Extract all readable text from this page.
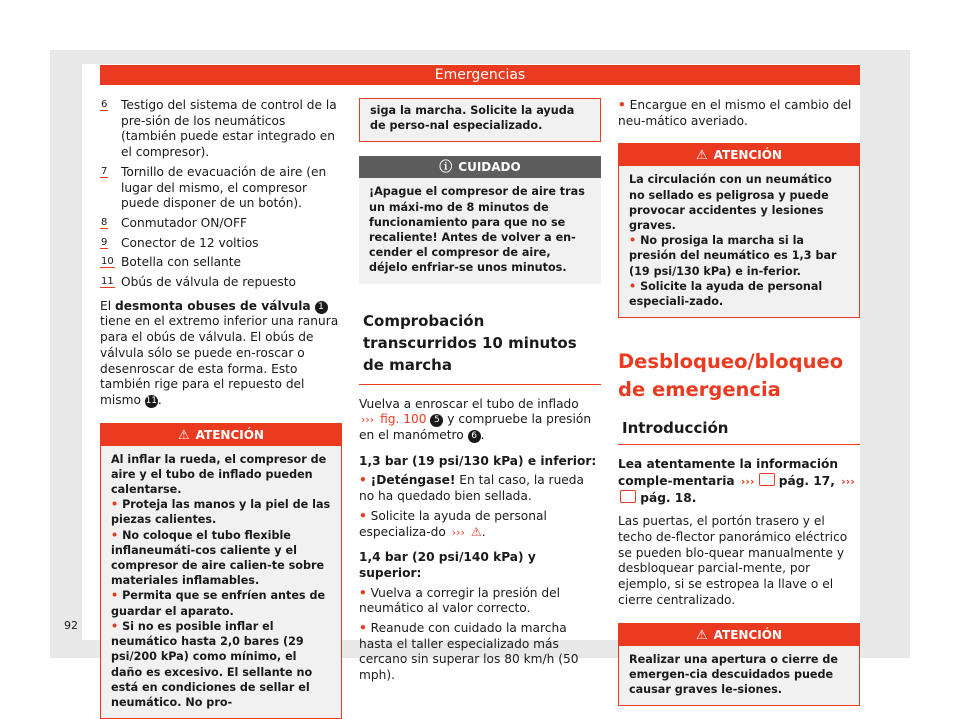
Emergencias
6 Testigo del sistema de control de la pre-sión de los neumáticos (también puede estar integrado en el compresor).
7 Tornillo de evacuación de aire (en lugar del mismo, el compresor puede disponer de un botón).
8 Conmutador ON/OFF
9 Conector de 12 voltios
10 Botella con sellante
11 Obús de válvula de repuesto

El desmonta obuses de válvula 1 tiene en el extremo inferior una ranura para el obús de válvula. El obús de válvula sólo se puede en-roscar o desenroscar de esta forma. Esto también rige para el repuesto del mismo 11.

⚠ ATENCIÓN
Al inflar la rueda, el compresor de aire y el tubo de inflado pueden calentarse.
• Proteja las manos y la piel de las piezas calientes.
• No coloque el tubo flexible inflaneumáti-cos caliente y el compresor de aire calien-te sobre materiales inflamables.
• Permita que se enfríen antes de guardar el aparato.
• Si no es posible inflar el neumático hasta 2,0 bares (29 psi/200 kPa) como mínimo, el daño es excesivo. El sellante no está en condiciones de sellar el neumático. No pro-
siga la marcha. Solicite la ayuda de perso-nal especializado.
ⓘ CUIDADO
¡Apague el compresor de aire tras un máxi-mo de 8 minutos de funcionamiento para que no se recaliente! Antes de volver a en-cender el compresor de aire, déjelo enfriar-se unos minutos.
Comprobación transcurridos 10 minutos de marcha

Vuelva a enroscar el tubo de inflado
››› fig. 100 5 y compruebe la presión en el manómetro 6 .

1,3 bar (19 psi/130 kPa) e inferior:

• ¡Deténgase! En tal caso, la rueda no ha quedado bien sellada.

• Solicite la ayuda de personal especializa-do ››› ⚠.

1,4 bar (20 psi/140 kPa) y superior:

• Vuelva a corregir la presión del neumático al valor correcto.

• Reanude con cuidado la marcha hasta el taller especializado más cercano sin superar los 80 km/h (50 mph).

• Encargue en el mismo el cambio del neu-mático averiado.

⚠ ATENCIÓN
La circulación con un neumático no sellado es peligrosa y puede provocar accidentes y lesiones graves.
• No prosiga la marcha si la presión del neumático es 1,3 bar (19 psi/130 kPa) e in-ferior.
• Solicite la ayuda de personal especiali-zado.
Desbloqueo/bloqueo de emergencia
Introducción

Lea atentamente la información comple-mentaria ››› pág. 17, ››› pág. 18.

Las puertas, el portón trasero y el techo de-flector panorámico eléctrico se pueden blo-quear manualmente y desbloquear parcial-mente, por ejemplo, si se estropea la llave o el cierre centralizado.

⚠ ATENCIÓN
Realizar una apertura o cierre de emergen-cia descuidados puede causar graves le-siones.
92
